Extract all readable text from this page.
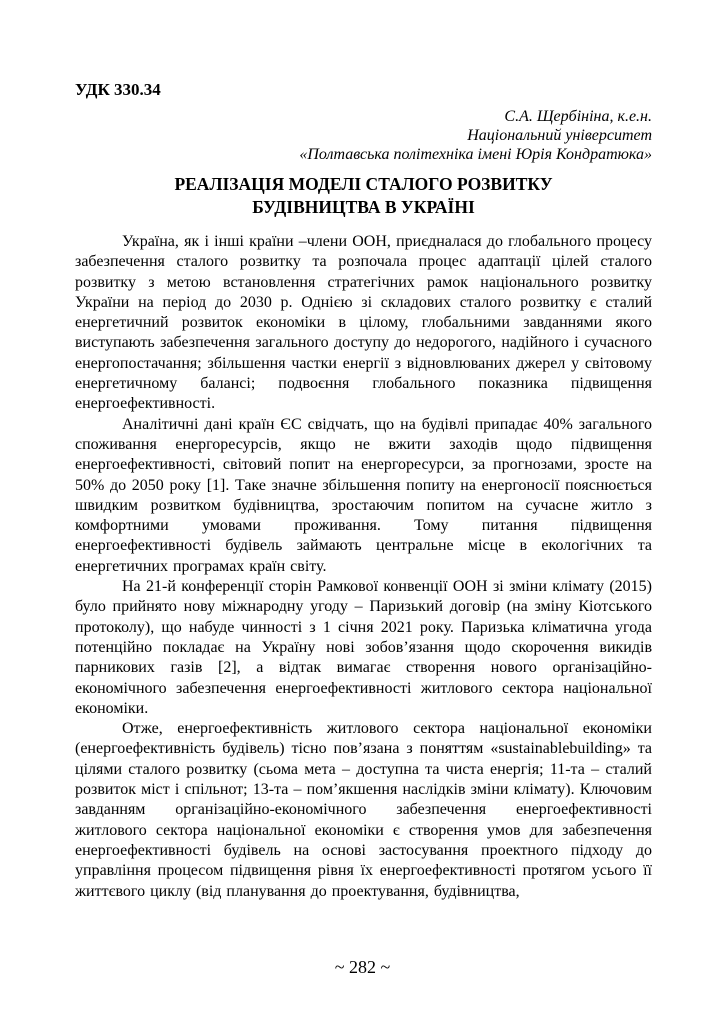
УДК 330.34
С.А. Щербініна, к.е.н.
Національний університет
«Полтавська політехніка імені Юрія Кондратюка»
РЕАЛІЗАЦІЯ МОДЕЛІ СТАЛОГО РОЗВИТКУ
БУДІВНИЦТВА В УКРАЇНІ

Україна, як і інші країни –члени ООН, приєдналася до глобального процесу забезпечення сталого розвитку та розпочала процес адаптації цілей сталого розвитку з метою встановлення стратегічних рамок національного розвитку України на період до 2030 р. Однією зі складових сталого розвитку є сталий енергетичний розвиток економіки в цілому, глобальними завданнями якого виступають забезпечення загального доступу до недорогого, надійного і сучасного енергопостачання; збільшення частки енергії з відновлюваних джерел у світовому енергетичному балансі; подвоєння глобального показника підвищення енергоефективності.

Аналітичні дані країн ЄС свідчать, що на будівлі припадає 40% загального споживання енергоресурсів, якщо не вжити заходів щодо підвищення енергоефективності, світовий попит на енергоресурси, за прогнозами, зросте на 50% до 2050 року [1]. Таке значне збільшення попиту на енергоносії пояснюється швидким розвитком будівництва, зростаючим попитом на сучасне житло з комфортними умовами проживання. Тому питання підвищення енергоефективності будівель займають центральне місце в екологічних та енергетичних програмах країн світу.

На 21-й конференції сторін Рамкової конвенції ООН зі зміни клімату (2015) було прийнято нову міжнародну угоду – Паризький договір (на зміну Кіотського протоколу), що набуде чинності з 1 січня 2021 року. Паризька кліматична угода потенційно покладає на Україну нові зобов’язання щодо скорочення викидів парникових газів [2], а відтак вимагає створення нового організаційно-економічного забезпечення енергоефективності житлового сектора національної економіки.

Отже, енергоефективність житлового сектора національної економіки (енергоефективність будівель) тісно пов’язана з поняттям «sustainablebuilding» та цілями сталого розвитку (сьома мета – доступна та чиста енергія; 11-та – сталий розвиток міст і спільнот; 13-та – пом’якшення наслідків зміни клімату). Ключовим завданням організаційно-економічного забезпечення енергоефективності житлового сектора національної економіки є створення умов для забезпечення енергоефективності будівель на основі застосування проектного підходу до управління процесом підвищення рівня їх енергоефективності протягом усього її життєвого циклу (від планування до проектування, будівництва,

~ 282 ~
